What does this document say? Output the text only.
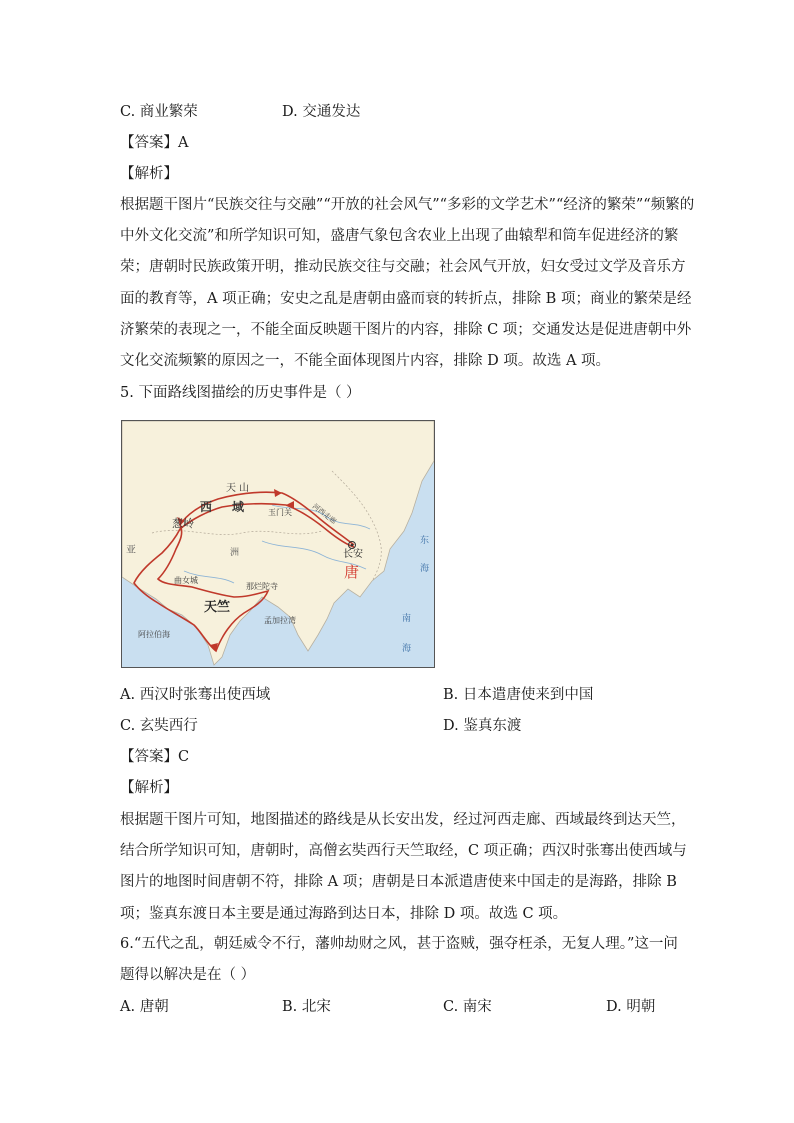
C. 商业繁荣	D. 交通发达
【答案】A
【解析】
根据题干图片“民族交往与交融”“开放的社会风气”“多彩的文学艺术”“经济的繁荣”“频繁的
中外文化交流”和所学知识可知，盛唐气象包含农业上出现了曲辕犁和筒车促进经济的繁
荣；唐朝时民族政策开明，推动民族交往与交融；社会风气开放，妇女受过文学及音乐方
面的教育等，A 项正确；安史之乱是唐朝由盛而衰的转折点，排除 B 项；商业的繁荣是经
济繁荣的表现之一，不能全面反映题干图片的内容，排除 C 项；交通发达是促进唐朝中外
文化交流频繁的原因之一，不能全面体现图片内容，排除 D 项。故选 A 项。
5. 下面路线图描绘的历史事件是（ ）
天 山
西 域	玉门关	河西走廊
葱岭
长安
唐
亚	洲
曲女城
那烂陀寺
天竺
阿拉伯海
孟加拉湾
东
海
南
海
A. 西汉时张骞出使西域	B. 日本遣唐使来到中国
C. 玄奘西行	D. 鉴真东渡
【答案】C
【解析】
根据题干图片可知，地图描述的路线是从长安出发，经过河西走廊、西域最终到达天竺，
结合所学知识可知，唐朝时，高僧玄奘西行天竺取经，C 项正确；西汉时张骞出使西域与
图片的地图时间唐朝不符，排除 A 项；唐朝是日本派遣唐使来中国走的是海路，排除 B
项；鉴真东渡日本主要是通过海路到达日本，排除 D 项。故选 C 项。
6.“五代之乱，朝廷威令不行，藩帅劫财之风，甚于盗贼，强夺枉杀，无复人理。”这一问
题得以解决是在（ ）
A. 唐朝	B. 北宋	C. 南宋	D. 明朝
